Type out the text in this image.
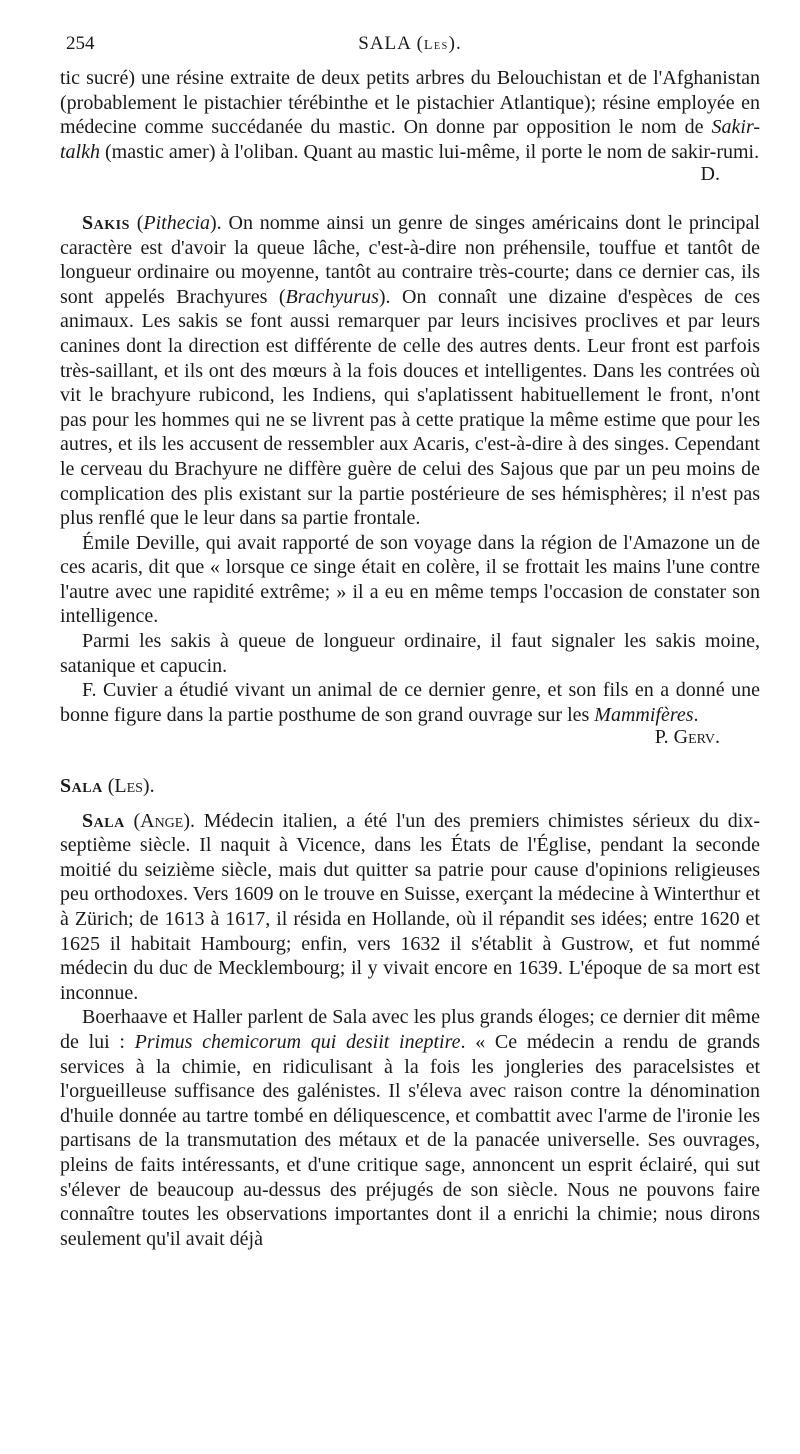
254	SALA (Les).

tic sucré) une résine extraite de deux petits arbres du Belouchistan et de l'Afghanistan (probablement le pistachier térébinthe et le pistachier Atlantique); résine employée en médecine comme succédanée du mastic. On donne par opposition le nom de Sakir-talkh (mastic amer) à l'oliban. Quant au mastic lui-même, il porte le nom de sakir-rumi.

D.

Sakis (Pithecia). On nomme ainsi un genre de singes américains dont le principal caractère est d'avoir la queue lâche, c'est-à-dire non préhensile, touffue et tantôt de longueur ordinaire ou moyenne, tantôt au contraire très-courte; dans ce dernier cas, ils sont appelés Brachyures (Brachyurus). On connaît une dizaine d'espèces de ces animaux. Les sakis se font aussi remarquer par leurs incisives proclives et par leurs canines dont la direction est différente de celle des autres dents. Leur front est parfois très-saillant, et ils ont des mœurs à la fois douces et intelligentes. Dans les contrées où vit le brachyure rubicond, les Indiens, qui s'aplatissent habituellement le front, n'ont pas pour les hommes qui ne se livrent pas à cette pratique la même estime que pour les autres, et ils les accusent de ressembler aux Acaris, c'est-à-dire à des singes. Cependant le cerveau du Brachyure ne diffère guère de celui des Sajous que par un peu moins de complication des plis existant sur la partie postérieure de ses hémisphères; il n'est pas plus renflé que le leur dans sa partie frontale.

Émile Deville, qui avait rapporté de son voyage dans la région de l'Amazone un de ces acaris, dit que « lorsque ce singe était en colère, il se frottait les mains l'une contre l'autre avec une rapidité extrême; » il a eu en même temps l'occasion de constater son intelligence.

Parmi les sakis à queue de longueur ordinaire, il faut signaler les sakis moine, satanique et capucin.

F. Cuvier a étudié vivant un animal de ce dernier genre, et son fils en a donné une bonne figure dans la partie posthume de son grand ouvrage sur les Mammifères.

P. Gerv.

Sala (Les).

Sala (Ange). Médecin italien, a été l'un des premiers chimistes sérieux du dix-septième siècle. Il naquit à Vicence, dans les États de l'Église, pendant la seconde moitié du seizième siècle, mais dut quitter sa patrie pour cause d'opinions religieuses peu orthodoxes. Vers 1609 on le trouve en Suisse, exerçant la médecine à Winterthur et à Zürich; de 1613 à 1617, il résida en Hollande, où il répandit ses idées; entre 1620 et 1625 il habitait Hambourg; enfin, vers 1632 il s'établit à Gustrow, et fut nommé médecin du duc de Mecklembourg; il y vivait encore en 1639. L'époque de sa mort est inconnue.

Boerhaave et Haller parlent de Sala avec les plus grands éloges; ce dernier dit même de lui : Primus chemicorum qui desiit ineptire. « Ce médecin a rendu de grands services à la chimie, en ridiculisant à la fois les jongleries des paracelsistes et l'orgueilleuse suffisance des galénistes. Il s'éleva avec raison contre la dénomination d'huile donnée au tartre tombé en déliquescence, et combattit avec l'arme de l'ironie les partisans de la transmutation des métaux et de la panacée universelle. Ses ouvrages, pleins de faits intéressants, et d'une critique sage, annoncent un esprit éclairé, qui sut s'élever de beaucoup au-dessus des préjugés de son siècle. Nous ne pouvons faire connaître toutes les observations importantes dont il a enrichi la chimie; nous dirons seulement qu'il avait déjà
